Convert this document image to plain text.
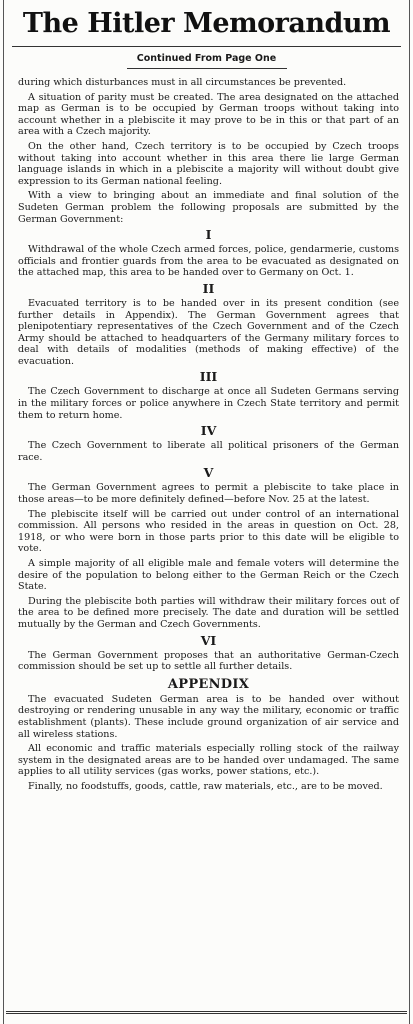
The Hitler Memorandum
Continued From Page One

during which disturbances must in all circumstances be prevented.

A situation of parity must be created. The area designated on the attached map as German is to be occupied by German troops without taking into account whether in a plebiscite it may prove to be in this or that part of an area with a Czech majority.

On the other hand, Czech territory is to be occupied by Czech troops without taking into account whether in this area there lie large German language islands in which in a plebiscite a majority will without doubt give expression to its German national feeling.

With a view to bringing about an immediate and final solution of the Sudeten German problem the following proposals are submitted by the German Government:

I

Withdrawal of the whole Czech armed forces, police, gendarmerie, customs officials and frontier guards from the area to be evacuated as designated on the attached map, this area to be handed over to Germany on Oct. 1.

II

Evacuated territory is to be handed over in its present condition (see further details in Appendix). The German Government agrees that plenipotentiary representatives of the Czech Government and of the Czech Army should be attached to headquarters of the Germany military forces to deal with details of modalities (methods of making effective) of the evacuation.

III

The Czech Government to discharge at once all Sudeten Germans serving in the military forces or police anywhere in Czech State territory and permit them to return home.

IV

The Czech Government to liberate all political prisoners of the German race.

V

The German Government agrees to permit a plebiscite to take place in those areas—to be more definitely defined—before Nov. 25 at the latest.

The plebiscite itself will be carried out under control of an international commission. All persons who resided in the areas in question on Oct. 28, 1918, or who were born in those parts prior to this date will be eligible to vote.

A simple majority of all eligible male and female voters will determine the desire of the population to belong either to the German Reich or the Czech State.

During the plebiscite both parties will withdraw their military forces out of the area to be defined more precisely. The date and duration will be settled mutually by the German and Czech Governments.

VI

The German Government proposes that an authoritative German-Czech commission should be set up to settle all further details.

APPENDIX

The evacuated Sudeten German area is to be handed over without destroying or rendering unusable in any way the military, economic or traffic establishment (plants). These include ground organization of air service and all wireless stations.

All economic and traffic materials especially rolling stock of the railway system in the designated areas are to be handed over undamaged. The same applies to all utility services (gas works, power stations, etc.).

Finally, no foodstuffs, goods, cattle, raw materials, etc., are to be moved.
